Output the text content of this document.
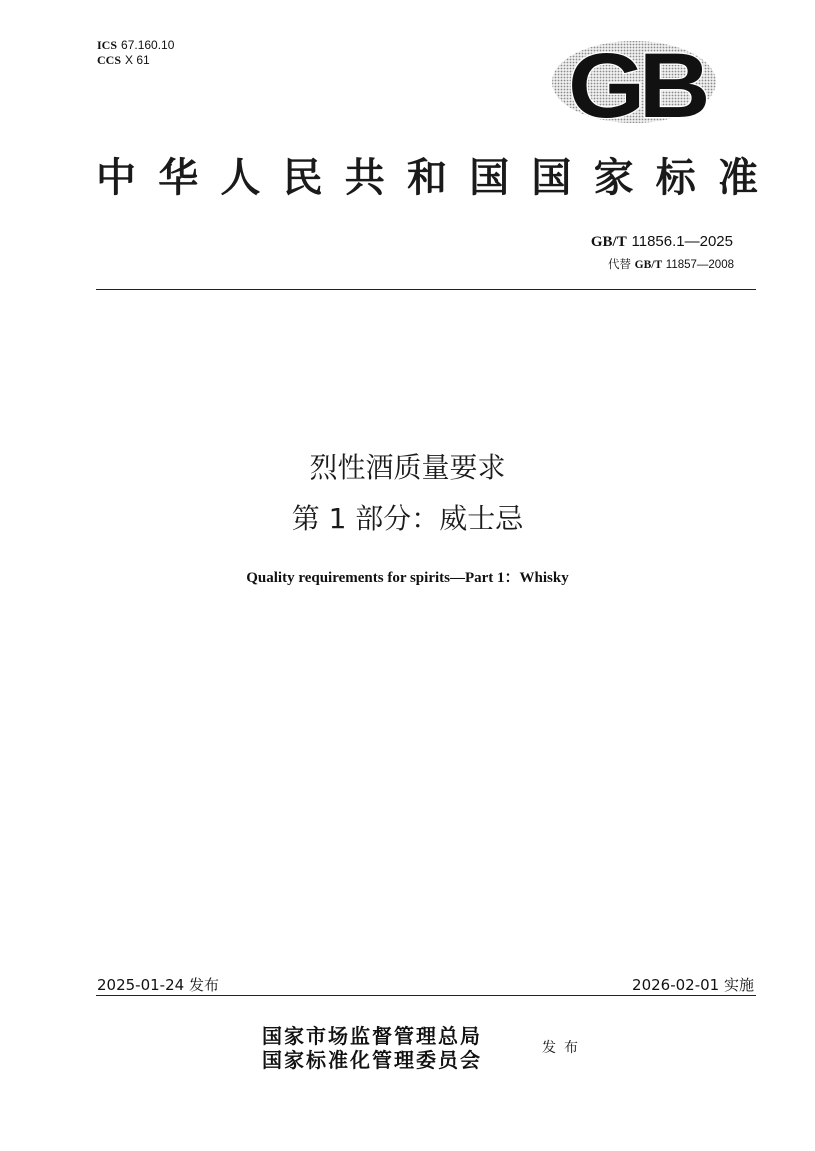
ICS 67.160.10
CCS X 61	GB
中华人民共和国国家标准
GB/T 11856.1—2025
代替 GB/T 11857—2008
烈性酒质量要求
第 1 部分：威士忌
Quality requirements for spirits—Part 1：Whisky
2025-01-24 发布	2026-02-01 实施
国家市场监督管理总局
国家标准化管理委员会	发布
